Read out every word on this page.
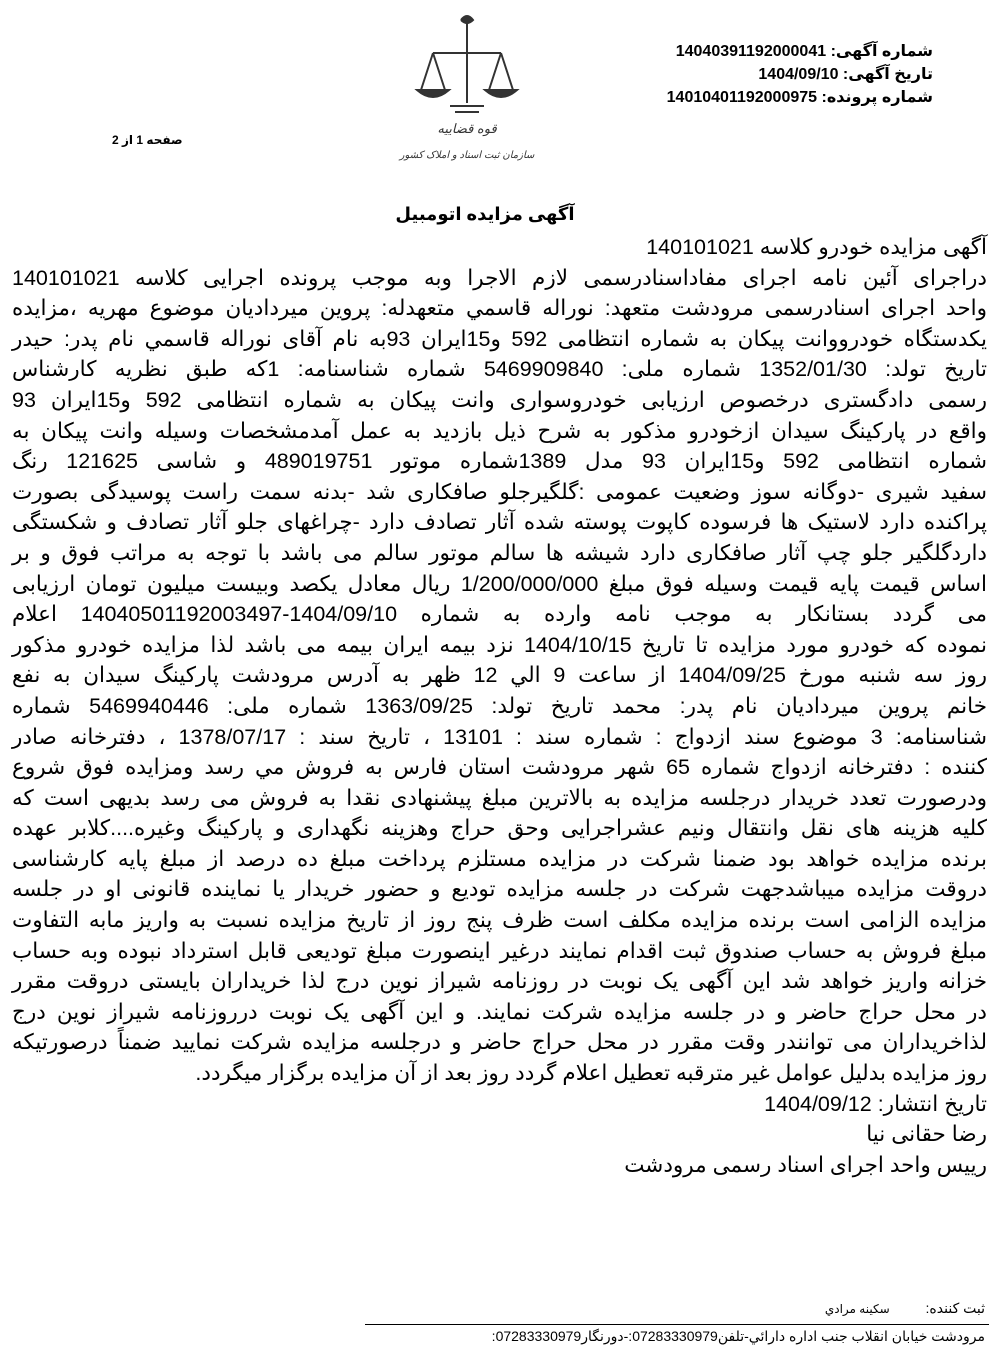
شماره آگهی: 14040391192000041
تاریخ آگهی: 1404/09/10
شماره پرونده: 14010401192000975
قوه قضاییه
سازمان ثبت اسناد و املاک کشور
صفحه 1 از 2
آگهی مزایده اتومبیل
آگهی مزایده خودرو کلاسه 140101021
دراجرای آئین نامه اجرای مفاداسنادرسمی لازم الاجرا وبه موجب پرونده اجرایی کلاسه 140101021
واحد اجرای اسنادرسمی مرودشت متعهد: نوراله قاسمي متعهدله: پروین میردادیان موضوع مهریه ،مزایده
یکدستگاه خودرووانت پیکان به شماره انتظامی 592 و15ایران 93به نام آقای نوراله قاسمي نام پدر: حیدر
تاریخ تولد: 1352/01/30 شماره ملی: 5469909840 شماره شناسنامه: 1که طبق نظریه کارشناس
رسمی دادگستری درخصوص ارزیابی خودروسواری وانت پیکان به شماره انتظامی 592 و15ایران 93
واقع در پارکینگ سیدان ازخودرو مذکور به شرح ذیل بازدید به عمل آمدمشخصات وسیله وانت پیکان به
شماره انتظامی 592 و15ایران 93 مدل 1389شماره موتور 489019751 و شاسی 121625 رنگ
سفید شیری -دوگانه سوز وضعیت عمومی :گلگیرجلو صافکاری شد -بدنه سمت راست پوسیدگی بصورت
پراکنده دارد لاستیک ها فرسوده کاپوت پوسته شده آثار تصادف دارد -چراغهای جلو آثار تصادف و شکستگی
داردگلگیر جلو چپ آثار صافکاری دارد شیشه ها سالم موتور سالم می باشد با توجه به مراتب فوق و بر
اساس قیمت پایه قیمت وسیله فوق مبلغ 1/200/000/000 ریال معادل یکصد وبیست میلیون تومان ارزیابی
می گردد بستانکار به موجب نامه وارده به شماره 1404/09/10-14040501192003497 اعلام
نموده که خودرو مورد مزایده تا تاریخ 1404/10/15 نزد بیمه ایران بیمه می باشد لذا مزایده خودرو مذکور
روز سه شنبه مورخ 1404/09/25 از ساعت 9 الي 12 ظهر به آدرس مرودشت پارکینگ سیدان به نفع
خانم پروین میردادیان نام پدر: محمد تاریخ تولد: 1363/09/25 شماره ملی: 5469940446 شماره
شناسنامه: 3 موضوع سند ازدواج : شماره سند : 13101 ، تاریخ سند : 1378/07/17 ، دفترخانه صادر
کننده : دفترخانه ازدواج شماره 65 شهر مرودشت استان فارس به فروش مي رسد ومزایده فوق شروع
ودرصورت تعدد خریدار درجلسه مزایده به بالاترین مبلغ پیشنهادی نقدا به فروش می رسد بدیهی است که
کلیه هزینه های نقل وانتقال ونیم عشراجرایی وحق حراج وهزینه نگهداری و پارکینگ وغیره....کلابر عهده
برنده مزایده خواهد بود ضمنا شرکت در مزایده مستلزم پرداخت مبلغ ده درصد از مبلغ پایه کارشناسی
دروقت مزایده میباشدجهت شرکت در جلسه مزایده تودیع و حضور خریدار یا نماینده قانونی او در جلسه
مزایده الزامی است برنده مزایده مکلف است ظرف پنج روز از تاریخ مزایده نسبت به واریز مابه التفاوت
مبلغ فروش به حساب صندوق ثبت اقدام نمایند درغیر اینصورت مبلغ تودیعی قابل استرداد نبوده وبه حساب
خزانه واریز خواهد شد این آگهی یک نوبت در روزنامه شیراز نوین درج لذا خریداران بایستی دروقت مقرر
در محل حراج حاضر و در جلسه مزایده شرکت نمایند. و این آگهی یک نوبت درروزنامه شیراز نوین درج
لذاخریداران می توانندر وقت مقرر در محل حراج حاضر و درجلسه مزایده شرکت نمایید ضمناً درصورتیکه
روز مزایده بدلیل عوامل غیر مترقبه تعطیل اعلام گردد روز بعد از آن مزایده برگزار میگردد.
تاریخ انتشار: 1404/09/12
رضا حقانی نیا
رییس واحد اجرای اسناد رسمی مرودشت
ثبت كننده: سکینه مرادي
مرودشت خيابان انقلاب جنب اداره دارائي-تلفن07283330979:-دورنگار07283330979:
